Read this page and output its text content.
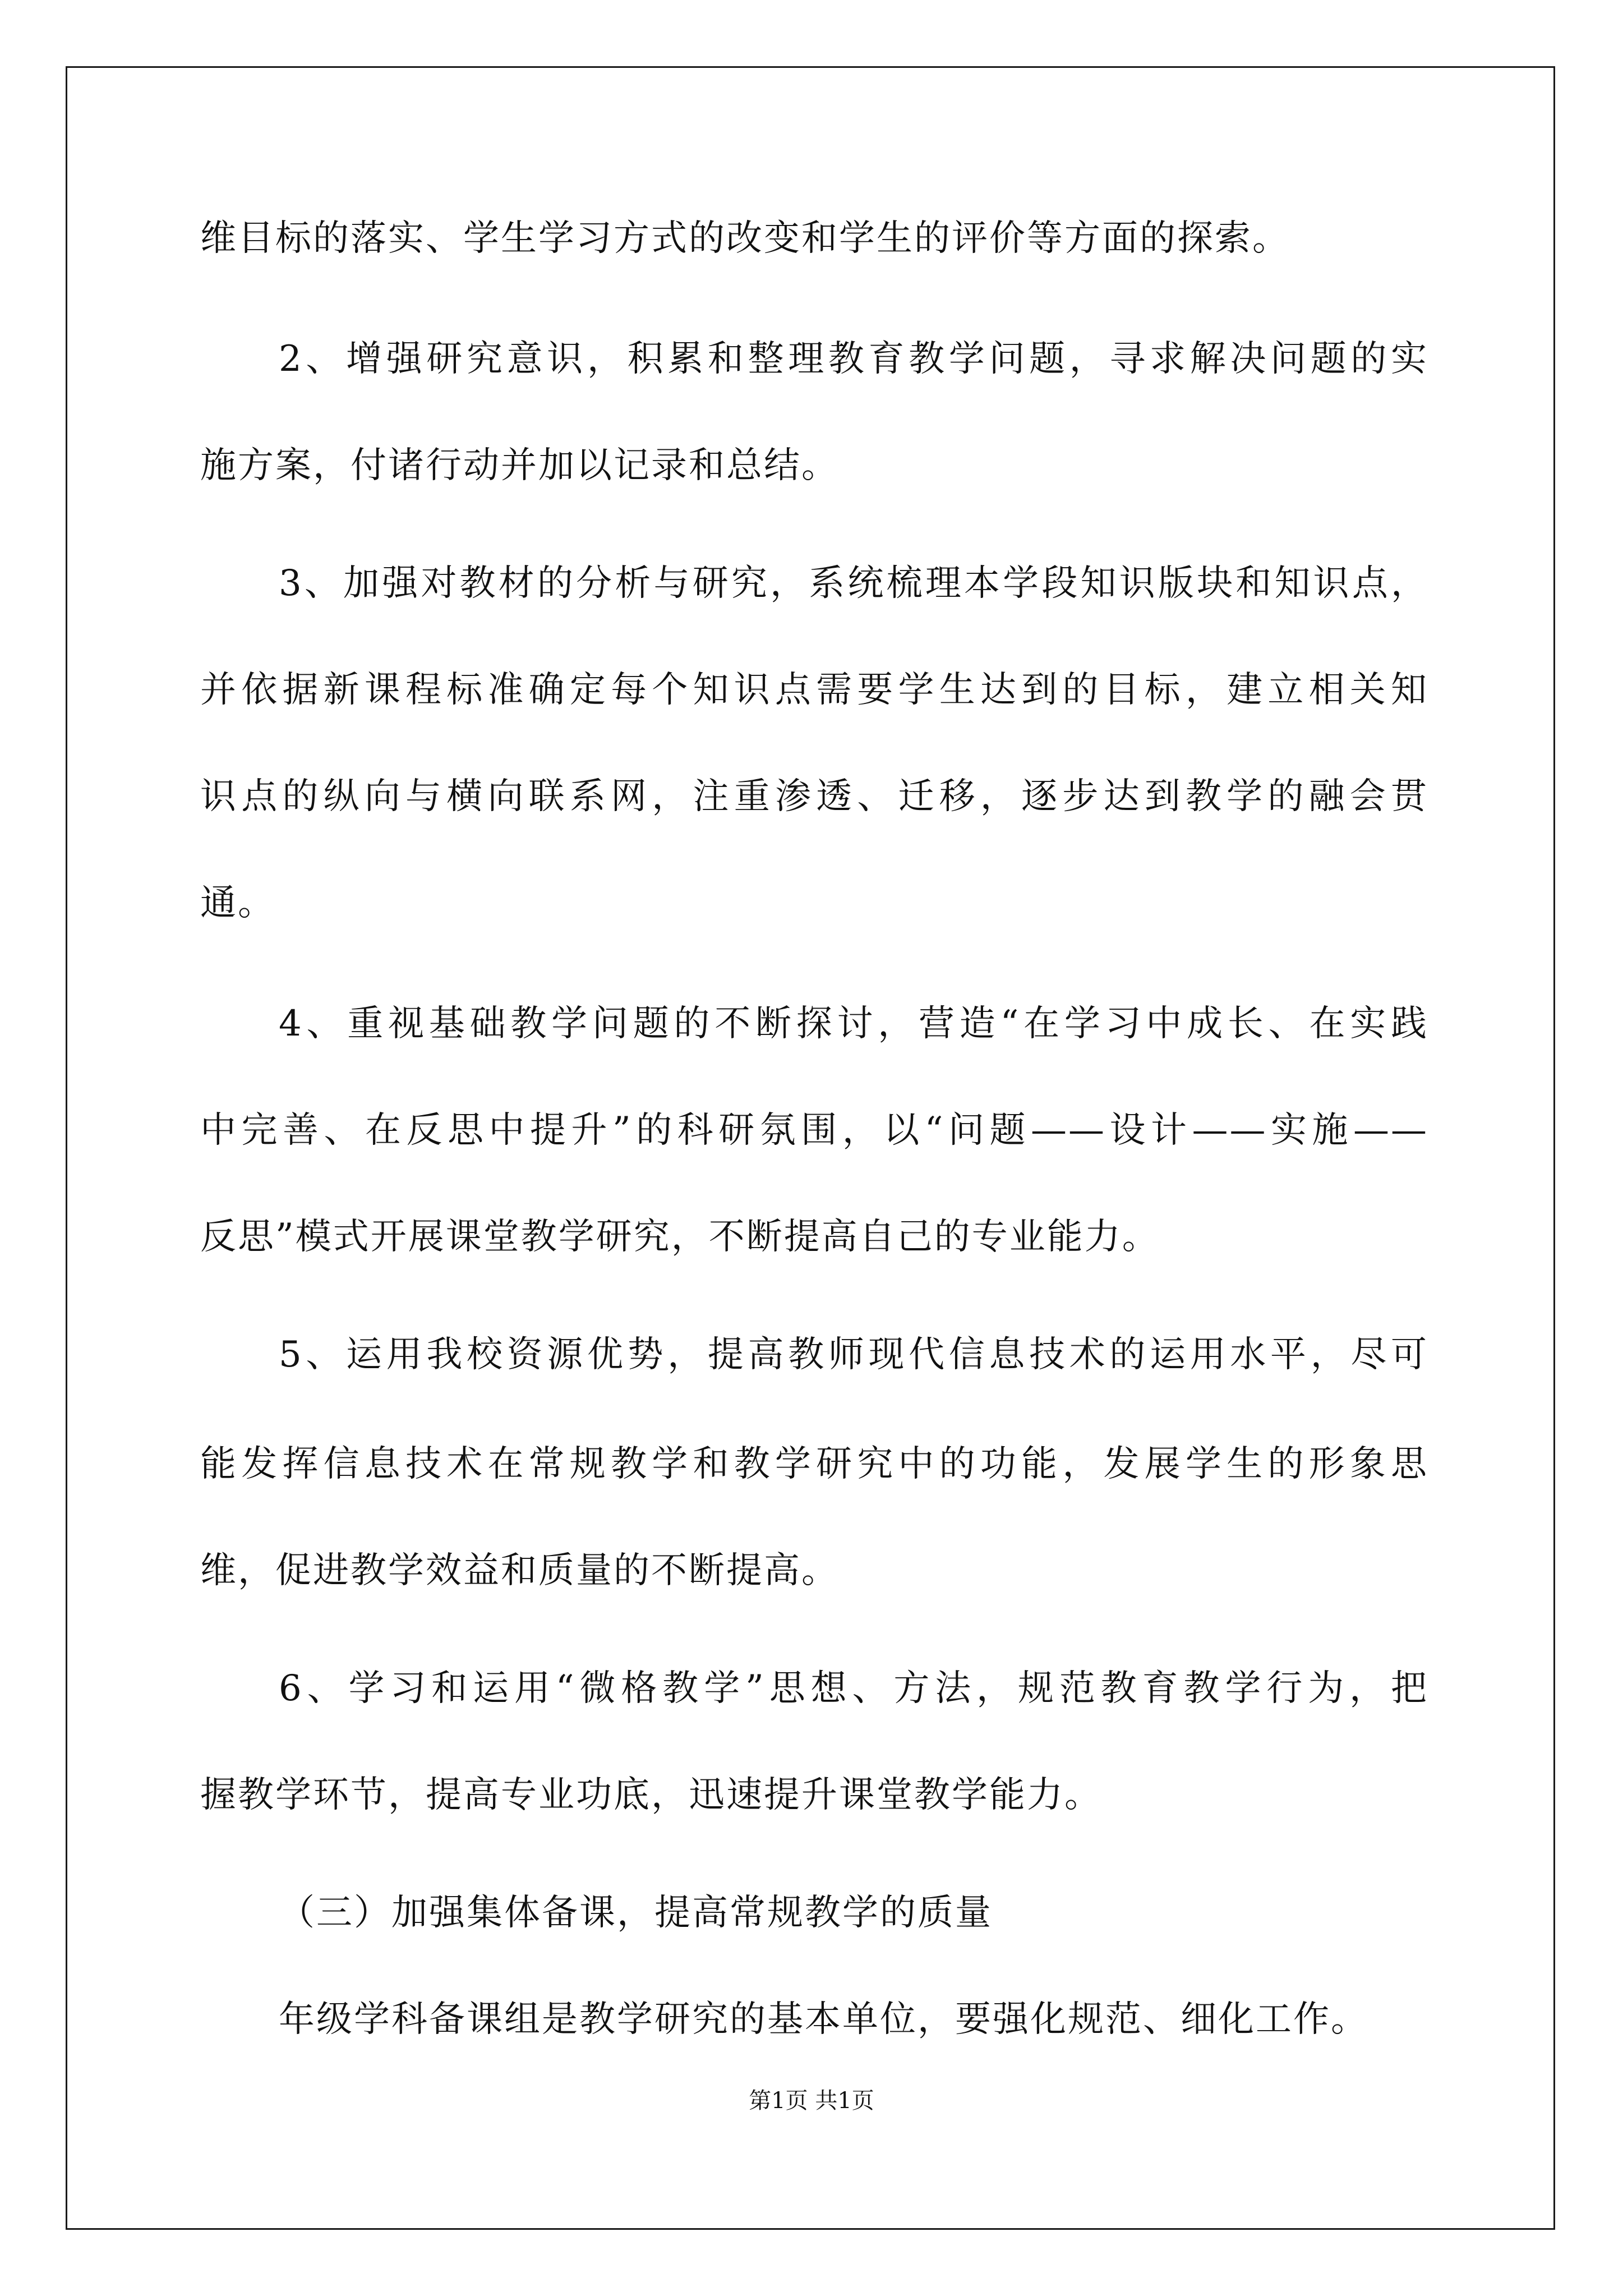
维目标的落实、学生学习方式的改变和学生的评价等方面的探索。

2、增强研究意识，积累和整理教育教学问题，寻求解决问题的实

施方案，付诸行动并加以记录和总结。

3、加强对教材的分析与研究，系统梳理本学段知识版块和知识点，

并依据新课程标准确定每个知识点需要学生达到的目标，建立相关知

识点的纵向与横向联系网，注重渗透、迁移，逐步达到教学的融会贯

通。

4、重视基础教学问题的不断探讨，营造“在学习中成长、在实践

中完善、在反思中提升”的科研氛围，以“问题——设计——实施——

反思”模式开展课堂教学研究，不断提高自己的专业能力。

5、运用我校资源优势，提高教师现代信息技术的运用水平，尽可

能发挥信息技术在常规教学和教学研究中的功能，发展学生的形象思

维，促进教学效益和质量的不断提高。

6、学习和运用“微格教学”思想、方法，规范教育教学行为，把

握教学环节，提高专业功底，迅速提升课堂教学能力。

（三）加强集体备课，提高常规教学的质量

年级学科备课组是教学研究的基本单位，要强化规范、细化工作。

第1页 共1页
